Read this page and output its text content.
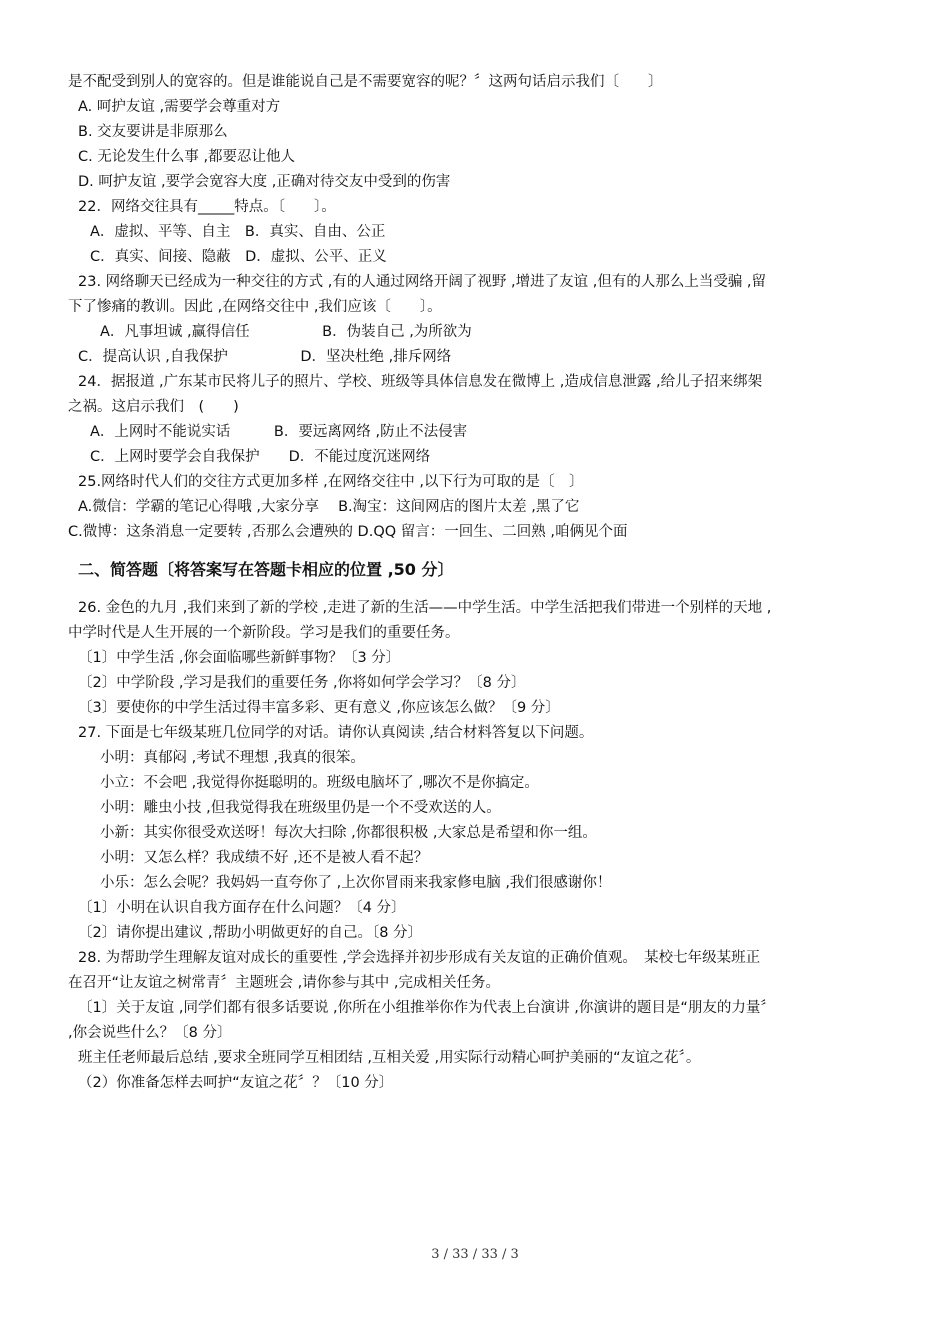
是不配受到别人的宽容的。但是谁能说自己是不需要宽容的呢？〞这两句话启示我们〔　　〕
A. 呵护友谊 ,需要学会尊重对方
B. 交友要讲是非原那么
C. 无论发生什么事 ,都要忍让他人
D. 呵护友谊 ,要学会宽容大度 ,正确对待交友中受到的伤害
22．网络交往具有_____特点。〔　　〕。
A．虚拟、平等、自主　B．真实、自由、公正
C．真实、间接、隐蔽　D．虚拟、公平、正义
23. 网络聊天已经成为一种交往的方式 ,有的人通过网络开阔了视野 ,增进了友谊 ,但有的人那么上当受骗 ,留
下了惨痛的教训。因此 ,在网络交往中 ,我们应该〔　　〕。
A．凡事坦诚 ,赢得信任　　　　　B．伪装自己 ,为所欲为
C．提高认识 ,自我保护　　　　　D．坚决杜绝 ,排斥网络
24．据报道 ,广东某市民将儿子的照片、学校、班级等具体信息发在微博上 ,造成信息泄露 ,给儿子招来绑架
之祸。这启示我们　(　　)
A．上网时不能说实话　　　B．要远离网络 ,防止不法侵害
C．上网时要学会自我保护　　D．不能过度沉迷网络
25.网络时代人们的交往方式更加多样 ,在网络交往中 ,以下行为可取的是〔　〕
A.微信：学霸的笔记心得哦 ,大家分享　 B.淘宝：这间网店的图片太差 ,黑了它
C.微博：这条消息一定要转 ,否那么会遭殃的 D.QQ 留言：一回生、二回熟 ,咱俩见个面
二、简答题〔将答案写在答题卡相应的位置 ,50 分〕
26. 金色的九月 ,我们来到了新的学校 ,走进了新的生活——中学生活。中学生活把我们带进一个别样的天地 ,
中学时代是人生开展的一个新阶段。学习是我们的重要任务。
〔1〕中学生活 ,你会面临哪些新鲜事物？〔3 分〕
〔2〕中学阶段 ,学习是我们的重要任务 ,你将如何学会学习？〔8 分〕
〔3〕要使你的中学生活过得丰富多彩、更有意义 ,你应该怎么做？〔9 分〕
27. 下面是七年级某班几位同学的对话。请你认真阅读 ,结合材料答复以下问题。
小明：真郁闷 ,考试不理想 ,我真的很笨。
小立：不会吧 ,我觉得你挺聪明的。班级电脑坏了 ,哪次不是你搞定。
小明：雕虫小技 ,但我觉得我在班级里仍是一个不受欢送的人。
小新：其实你很受欢送呀！每次大扫除 ,你都很积极 ,大家总是希望和你一组。
小明：又怎么样？我成绩不好 ,还不是被人看不起？
小乐：怎么会呢？我妈妈一直夸你了 ,上次你冒雨来我家修电脑 ,我们很感谢你！
〔1〕小明在认识自我方面存在什么问题？〔4 分〕
〔2〕请你提出建议 ,帮助小明做更好的自己。〔8 分〕
28. 为帮助学生理解友谊对成长的重要性 ,学会选择并初步形成有关友谊的正确价值观。　某校七年级某班正
在召开“让友谊之树常青〞主题班会 ,请你参与其中 ,完成相关任务。
〔1〕关于友谊 ,同学们都有很多话要说 ,你所在小组推举你作为代表上台演讲 ,你演讲的题目是“朋友的力量〞
,你会说些什么？〔8 分〕
班主任老师最后总结 ,要求全班同学互相团结 ,互相关爱 ,用实际行动精心呵护美丽的“友谊之花〞。
（2）你准备怎样去呵护“友谊之花〞？〔10 分〕
3 / 33 / 33 / 3
